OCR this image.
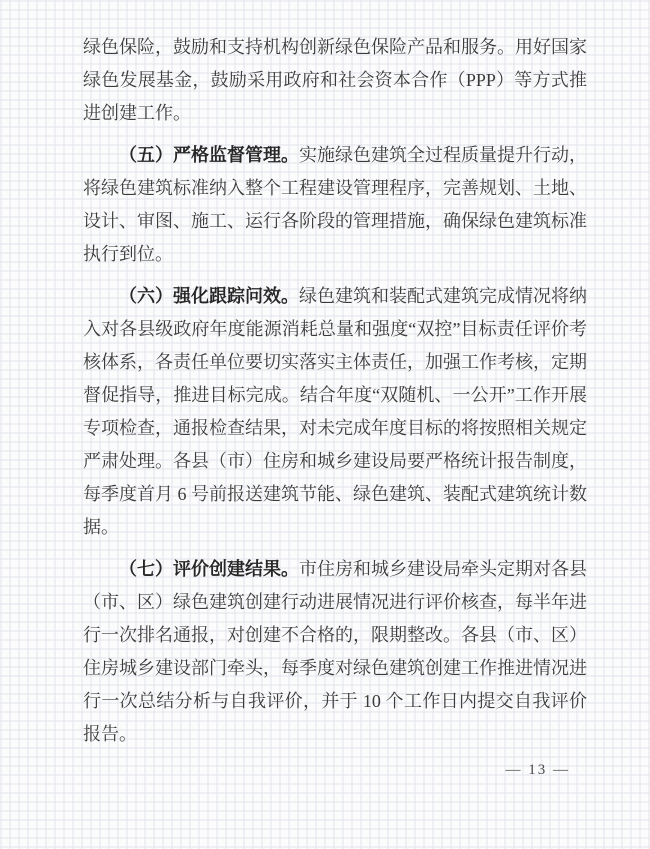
绿色保险，鼓励和支持机构创新绿色保险产品和服务。用好国家绿色发展基金，鼓励采用政府和社会资本合作（PPP）等方式推进创建工作。

（五）严格监督管理。实施绿色建筑全过程质量提升行动，将绿色建筑标准纳入整个工程建设管理程序，完善规划、土地、设计、审图、施工、运行各阶段的管理措施，确保绿色建筑标准执行到位。

（六）强化跟踪问效。绿色建筑和装配式建筑完成情况将纳入对各县级政府年度能源消耗总量和强度“双控”目标责任评价考核体系，各责任单位要切实落实主体责任，加强工作考核，定期督促指导，推进目标完成。结合年度“双随机、一公开”工作开展专项检查，通报检查结果，对未完成年度目标的将按照相关规定严肃处理。各县（市）住房和城乡建设局要严格统计报告制度，每季度首月 6 号前报送建筑节能、绿色建筑、装配式建筑统计数据。

（七）评价创建结果。市住房和城乡建设局牵头定期对各县（市、区）绿色建筑创建行动进展情况进行评价核查，每半年进行一次排名通报，对创建不合格的，限期整改。各县（市、区）住房城乡建设部门牵头，每季度对绿色建筑创建工作推进情况进行一次总结分析与自我评价，并于 10 个工作日内提交自我评价报告。

— 13 —
